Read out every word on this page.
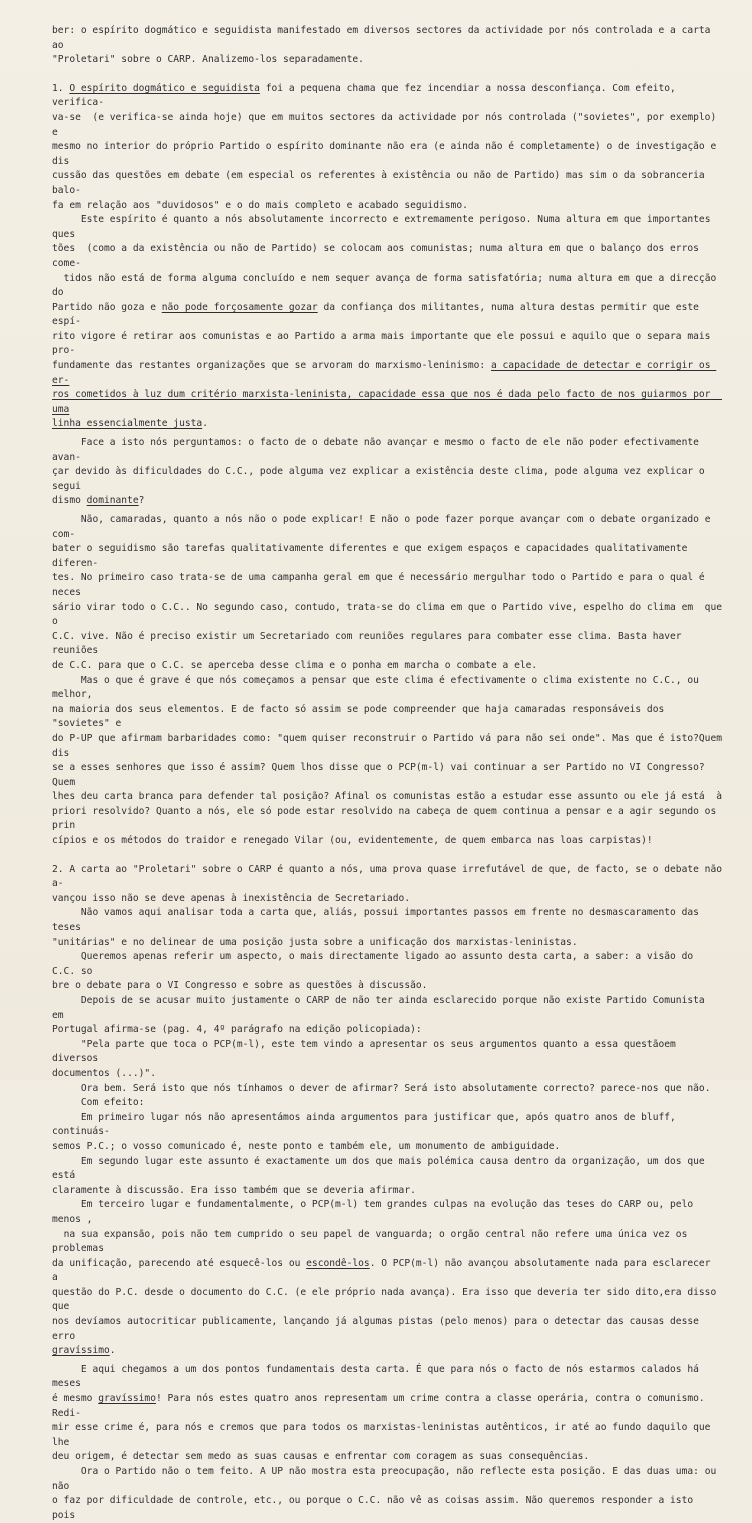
ber: o espírito dogmático e seguidista manifestado em diversos sectores da actividade por nós controlada e a carta ao
"Proletari" sobre o CARP. Analizemo-los separadamente.

1. O espírito dogmático e seguidista foi a pequena chama que fez incendiar a nossa desconfiança. Com efeito, verifica-
va-se  (e verifica-se ainda hoje) que em muitos sectores da actividade por nós controlada ("sovietes", por exemplo)  e
mesmo no interior do próprio Partido o espírito dominante não era (e ainda não é completamente) o de investigação e dis
cussão das questões em debate (em especial os referentes à existência ou não de Partido) mas sim o da sobranceria balo-
fa em relação aos "duvidosos" e o do mais completo e acabado seguidismo.

Este espírito é quanto a nós absolutamente incorrecto e extremamente perigoso. Numa altura em que importantes ques
tões  (como a da existência ou não de Partido) se colocam aos comunistas; numa altura em que o balanço dos erros come-
tidos não está de forma alguma concluído e nem sequer avança de forma satisfatória; numa altura em que a direcção  do
Partido não goza e não pode forçosamente gozar da confiança dos militantes, numa altura destas permitir que este espí-
rito vigore é retirar aos comunistas e ao Partido a arma mais importante que ele possui e aquilo que o separa mais pro-
fundamente das restantes organizações que se arvoram do marxismo-leninismo: a capacidade de detectar e corrigir os er-
ros cometidos à luz dum critério marxista-leninista, capacidade essa que nos é dada pelo facto de nos guiarmos por  uma
linha essencialmente justa.

Face a isto nós perguntamos: o facto de o debate não avançar e mesmo o facto de ele não poder efectivamente  avan-
çar devido às dificuldades do C.C., pode alguma vez explicar a existência deste clima, pode alguma vez explicar o segui
dismo dominante?

Não, camaradas, quanto a nós não o pode explicar! E não o pode fazer porque avançar com o debate organizado e com-
bater o seguidismo são tarefas qualitativamente diferentes e que exigem espaços e capacidades qualitativamente diferen-
tes. No primeiro caso trata-se de uma campanha geral em que é necessário mergulhar todo o Partido e para o qual é neces
sário virar todo o C.C.. No segundo caso, contudo, trata-se do clima em que o Partido vive, espelho do clima em  que  o
C.C. vive. Não é preciso existir um Secretariado com reuniões regulares para combater esse clima. Basta haver reuniões
de C.C. para que o C.C. se aperceba desse clima e o ponha em marcha o combate a ele.

Mas o que é grave é que nós começamos a pensar que este clima é efectivamente o clima existente no C.C., ou melhor,
na maioria dos seus elementos. E de facto só assim se pode compreender que haja camaradas responsáveis dos "sovietes" e
do P-UP que afirmam barbaridades como: "quem quiser reconstruir o Partido vá para não sei onde". Mas que é isto?Quem dis
se a esses senhores que isso é assim? Quem lhos disse que o PCP(m-l) vai continuar a ser Partido no VI Congresso?  Quem
lhes deu carta branca para defender tal posição? Afinal os comunistas estão a estudar esse assunto ou ele já está  à
priori resolvido? Quanto a nós, ele só pode estar resolvido na cabeça de quem continua a pensar e a agir segundo os prin
cípios e os métodos do traidor e renegado Vilar (ou, evidentemente, de quem embarca nas loas carpistas)!

2. A carta ao "Proletari" sobre o CARP é quanto a nós, uma prova quase irrefutável de que, de facto, se o debate não a-
vançou isso não se deve apenas à inexistência de Secretariado.

Não vamos aqui analisar toda a carta que, aliás, possui importantes passos em frente no desmascaramento das teses
"unitárias" e no delinear de uma posição justa sobre a unificação dos marxistas-leninistas.

Queremos apenas referir um aspecto, o mais directamente ligado ao assunto desta carta, a saber: a visão do C.C. so
bre o debate para o VI Congresso e sobre as questões à discussão.

Depois de se acusar muito justamente o CARP de não ter ainda esclarecido porque não existe Partido Comunista  em
Portugal afirma-se (pag. 4, 4º parágrafo na edição policopiada):

"Pela parte que toca o PCP(m-l), este tem vindo a apresentar os seus argumentos quanto a essa questãoem diversos
documentos (...)".

Ora bem. Será isto que nós tínhamos o dever de afirmar? Será isto absolutamente correcto? parece-nos que não.

Com efeito:

Em primeiro lugar nós não apresentámos ainda argumentos para justificar que, após quatro anos de bluff, continuás-
semos P.C.; o vosso comunicado é, neste ponto e também ele, um monumento de ambiguidade.

Em segundo lugar este assunto é exactamente um dos que mais polémica causa dentro da organização, um dos que  está
claramente à discussão. Era isso também que se deveria afirmar.

Em terceiro lugar e fundamentalmente, o PCP(m-l) tem grandes culpas na evolução das teses do CARP ou, pelo menos ,
na sua expansão, pois não tem cumprido o seu papel de vanguarda; o orgão central não refere uma única vez os problemas
da unificação, parecendo até esquecê-los ou escondê-los. O PCP(m-l) não avançou absolutamente nada para esclarecer  a
questão do P.C. desde o documento do C.C. (e ele próprio nada avança). Era isso que deveria ter sido dito,era disso que
nos devíamos autocriticar publicamente, lançando já algumas pistas (pelo menos) para o detectar das causas desse  erro
gravíssimo.

E aqui chegamos a um dos pontos fundamentais desta carta. É que para nós o facto de nós estarmos calados há meses
é mesmo gravíssimo! Para nós estes quatro anos representam um crime contra a classe operária, contra o comunismo. Redi-
mir esse crime é, para nós e cremos que para todos os marxistas-leninistas autênticos, ir até ao fundo daquilo que lhe
deu origem, é detectar sem medo as suas causas e enfrentar com coragem as suas consequências.

Ora o Partido não o tem feito. A UP não mostra esta preocupação, não reflecte esta posição. E das duas uma: ou não
o faz por dificuldade de controle, etc., ou porque o C.C. não vê as coisas assim. Não queremos responder a isto  pois
